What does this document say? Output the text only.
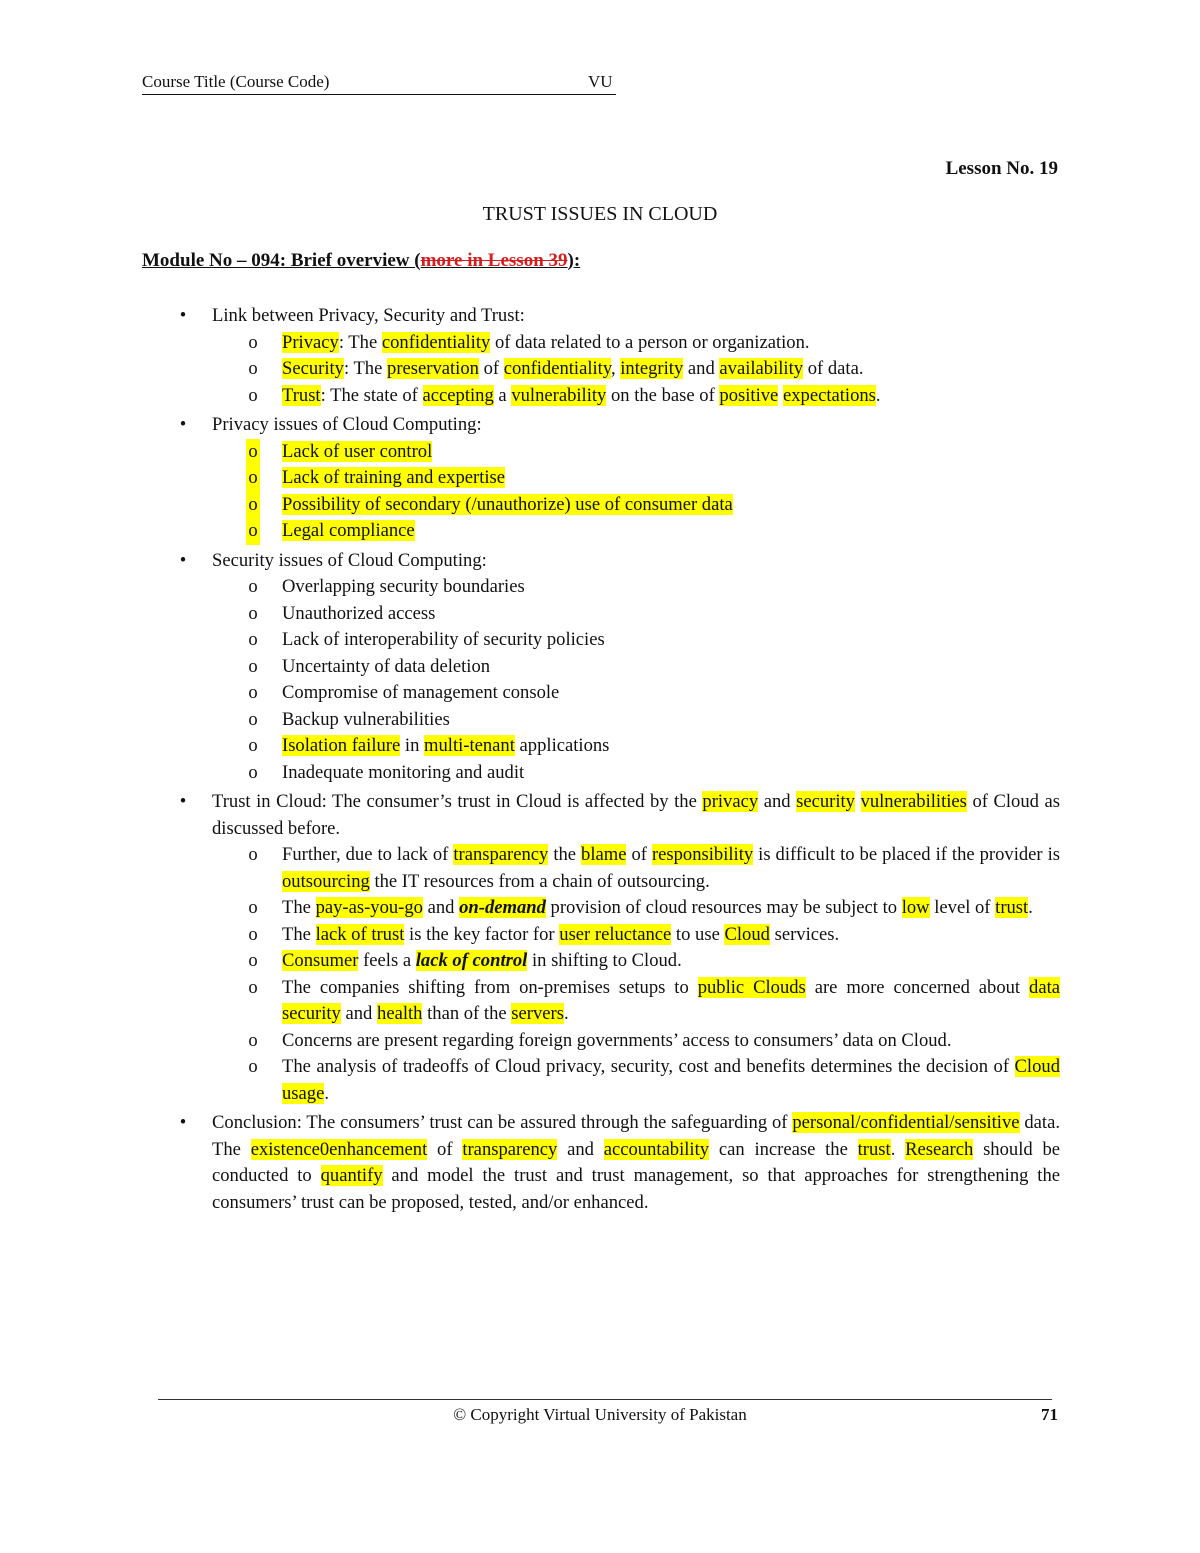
Course Title (Course Code)	VU
Lesson No. 19
TRUST ISSUES IN CLOUD
Module No – 094: Brief overview (more in Lesson 39):
• Link between Privacy, Security and Trust:
o Privacy: The confidentiality of data related to a person or organization.
o Security: The preservation of confidentiality, integrity and availability of data.
o Trust: The state of accepting a vulnerability on the base of positive expectations.
• Privacy issues of Cloud Computing:
o Lack of user control
o Lack of training and expertise
o Possibility of secondary (/unauthorize) use of consumer data
o Legal compliance
• Security issues of Cloud Computing:
o Overlapping security boundaries
o Unauthorized access
o Lack of interoperability of security policies
o Uncertainty of data deletion
o Compromise of management console
o Backup vulnerabilities
o Isolation failure in multi-tenant applications
o Inadequate monitoring and audit
• Trust in Cloud: The consumer’s trust in Cloud is affected by the privacy and security vulnerabilities of Cloud as discussed before.
o Further, due to lack of transparency the blame of responsibility is difficult to be placed if the provider is outsourcing the IT resources from a chain of outsourcing.
o The pay-as-you-go and on-demand provision of cloud resources may be subject to low level of trust.
o The lack of trust is the key factor for user reluctance to use Cloud services.
o Consumer feels a lack of control in shifting to Cloud.
o The companies shifting from on-premises setups to public Clouds are more concerned about data security and health than of the servers.
o Concerns are present regarding foreign governments’ access to consumers’ data on Cloud.
o The analysis of tradeoffs of Cloud privacy, security, cost and benefits determines the decision of Cloud usage.
• Conclusion: The consumers’ trust can be assured through the safeguarding of personal/confidential/sensitive data. The existence0enhancement of transparency and accountability can increase the trust. Research should be conducted to quantify and model the trust and trust management, so that approaches for strengthening the consumers’ trust can be proposed, tested, and/or enhanced.
© Copyright Virtual University of Pakistan	71
